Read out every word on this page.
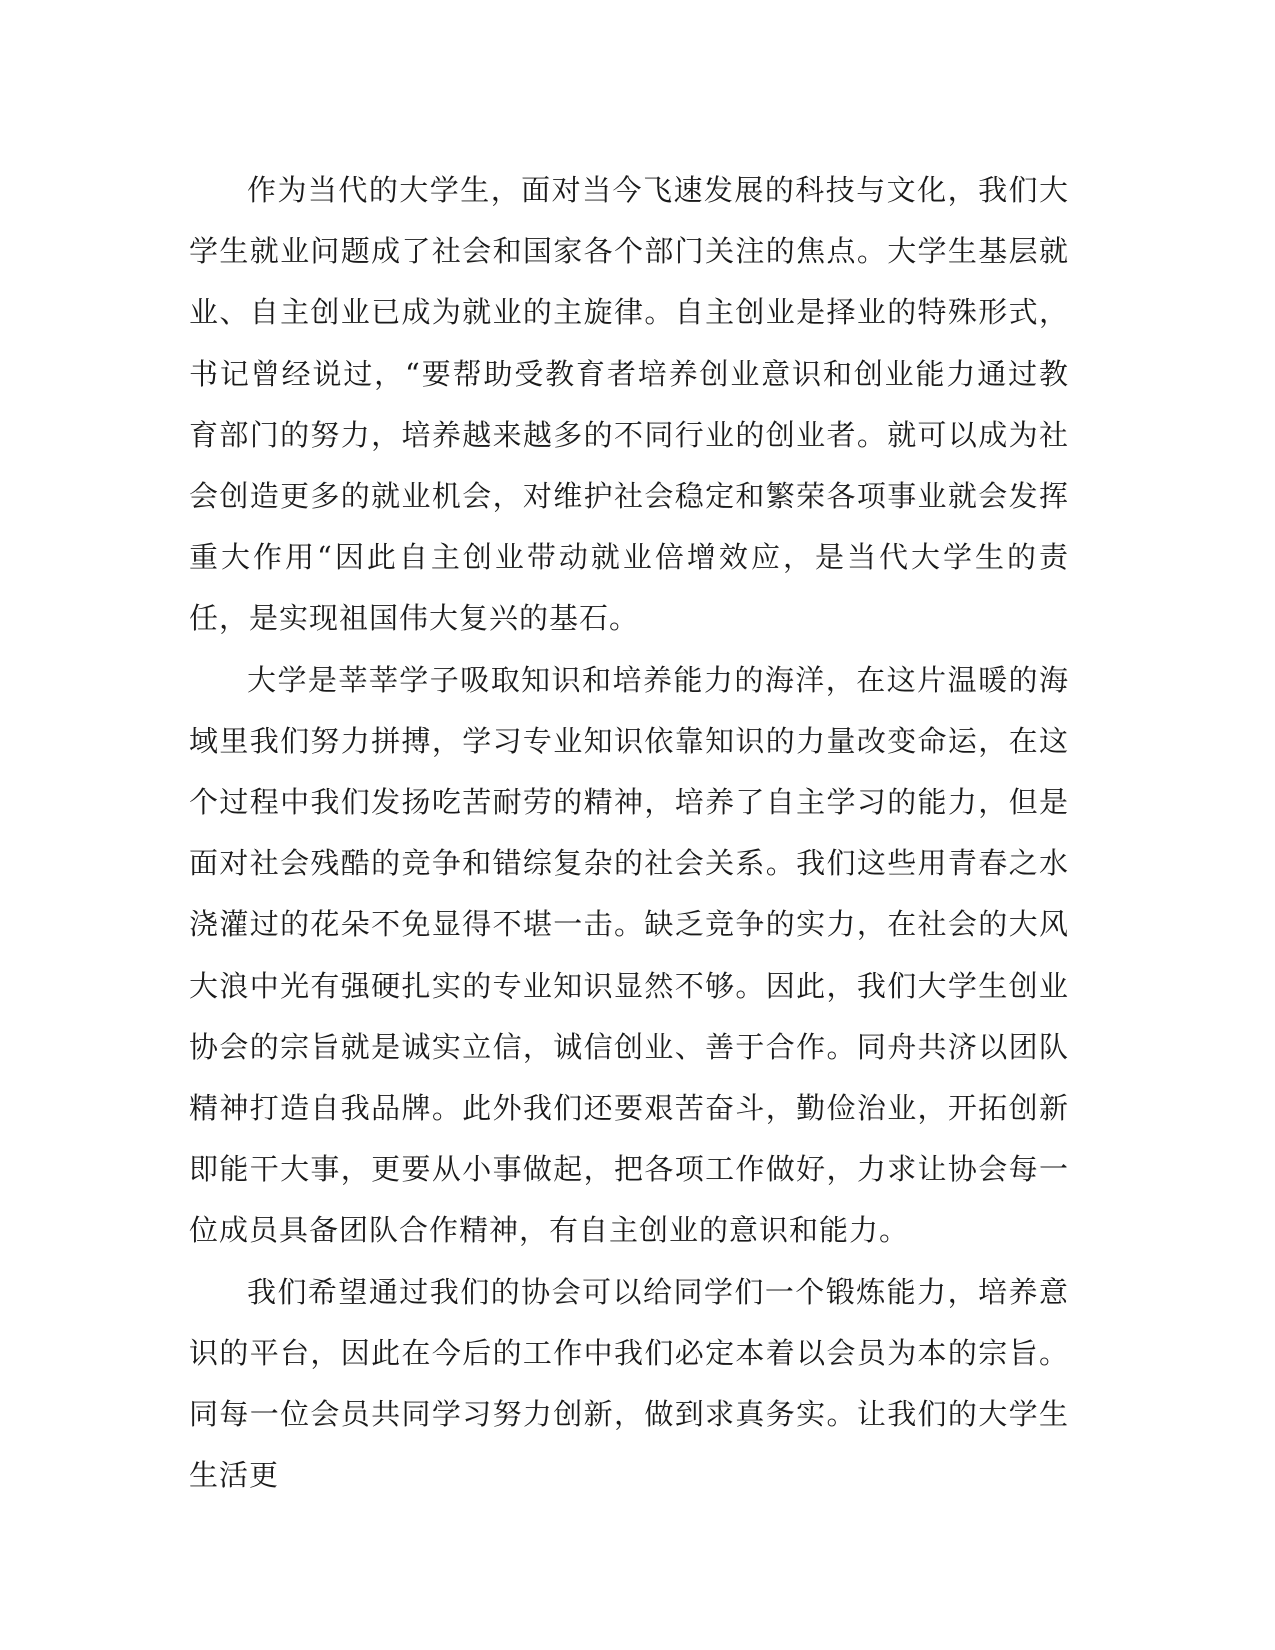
作为当代的大学生，面对当今飞速发展的科技与文化，我们大学生就业问题成了社会和国家各个部门关注的焦点。大学生基层就业、自主创业已成为就业的主旋律。自主创业是择业的特殊形式，书记曾经说过，“要帮助受教育者培养创业意识和创业能力通过教育部门的努力，培养越来越多的不同行业的创业者。就可以成为社会创造更多的就业机会，对维护社会稳定和繁荣各项事业就会发挥重大作用“因此自主创业带动就业倍增效应，是当代大学生的责任，是实现祖国伟大复兴的基石。

大学是莘莘学子吸取知识和培养能力的海洋，在这片温暖的海域里我们努力拼搏，学习专业知识依靠知识的力量改变命运，在这个过程中我们发扬吃苦耐劳的精神，培养了自主学习的能力，但是面对社会残酷的竞争和错综复杂的社会关系。我们这些用青春之水浇灌过的花朵不免显得不堪一击。缺乏竞争的实力，在社会的大风大浪中光有强硬扎实的专业知识显然不够。因此，我们大学生创业协会的宗旨就是诚实立信，诚信创业、善于合作。同舟共济以团队精神打造自我品牌。此外我们还要艰苦奋斗，勤俭治业，开拓创新即能干大事，更要从小事做起，把各项工作做好，力求让协会每一位成员具备团队合作精神，有自主创业的意识和能力。

我们希望通过我们的协会可以给同学们一个锻炼能力，培养意识的平台，因此在今后的工作中我们必定本着以会员为本的宗旨。同每一位会员共同学习努力创新，做到求真务实。让我们的大学生生活更
